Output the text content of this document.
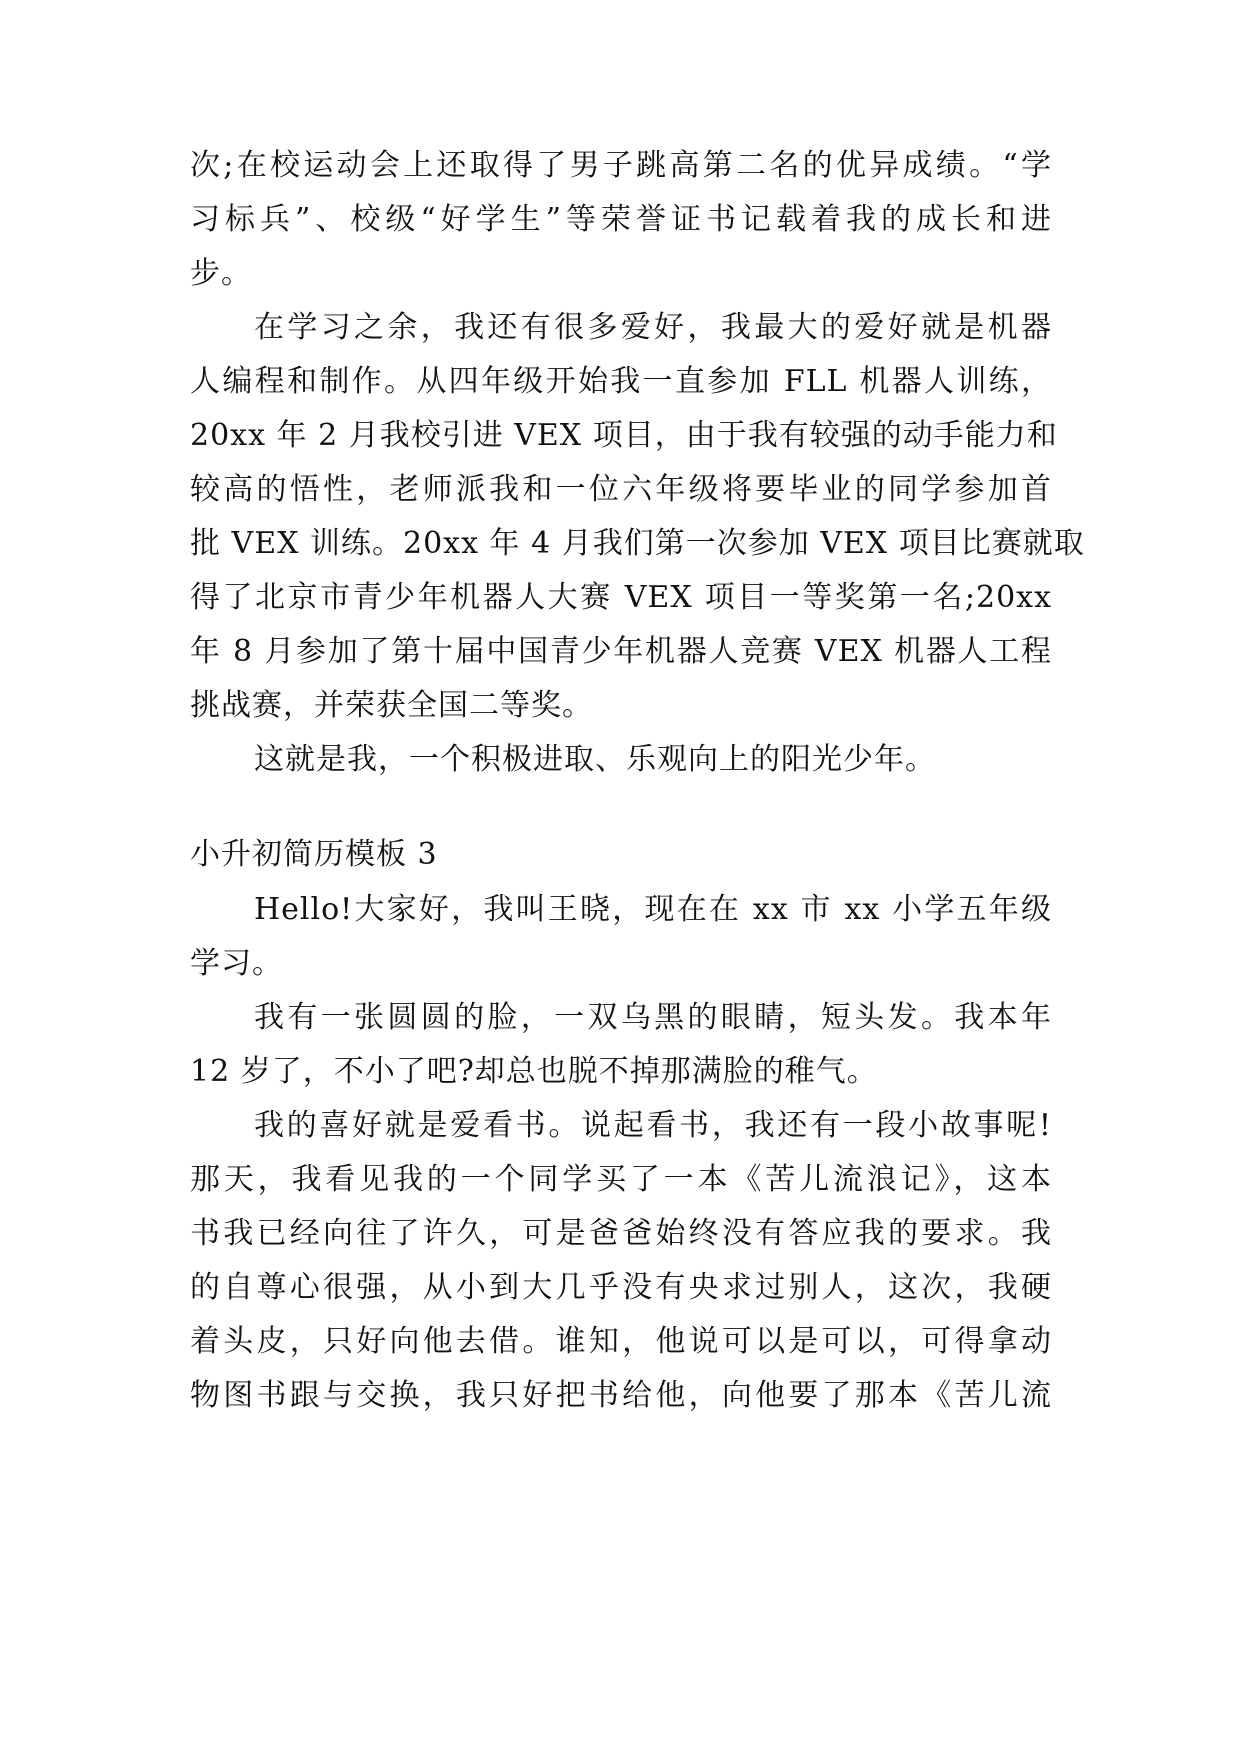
次;在校运动会上还取得了男子跳高第二名的优异成绩。“学
习标兵”、校级“好学生”等荣誉证书记载着我的成长和进
步。
在学习之余，我还有很多爱好，我最大的爱好就是机器
人编程和制作。从四年级开始我一直参加 FLL 机器人训练，
20xx 年 2 月我校引进 VEX 项目，由于我有较强的动手能力和
较高的悟性，老师派我和一位六年级将要毕业的同学参加首
批 VEX 训练。20xx 年 4 月我们第一次参加 VEX 项目比赛就取
得了北京市青少年机器人大赛 VEX 项目一等奖第一名;20xx
年 8 月参加了第十届中国青少年机器人竞赛 VEX 机器人工程
挑战赛，并荣获全国二等奖。
这就是我，一个积极进取、乐观向上的阳光少年。
小升初简历模板 3
Hello!大家好，我叫王晓，现在在 xx 市 xx 小学五年级
学习。
我有一张圆圆的脸，一双乌黑的眼睛，短头发。我本年
12 岁了，不小了吧?却总也脱不掉那满脸的稚气。
我的喜好就是爱看书。说起看书，我还有一段小故事呢!
那天，我看见我的一个同学买了一本《苦儿流浪记》，这本
书我已经向往了许久，可是爸爸始终没有答应我的要求。我
的自尊心很强，从小到大几乎没有央求过别人，这次，我硬
着头皮，只好向他去借。谁知，他说可以是可以，可得拿动
物图书跟与交换，我只好把书给他，向他要了那本《苦儿流
